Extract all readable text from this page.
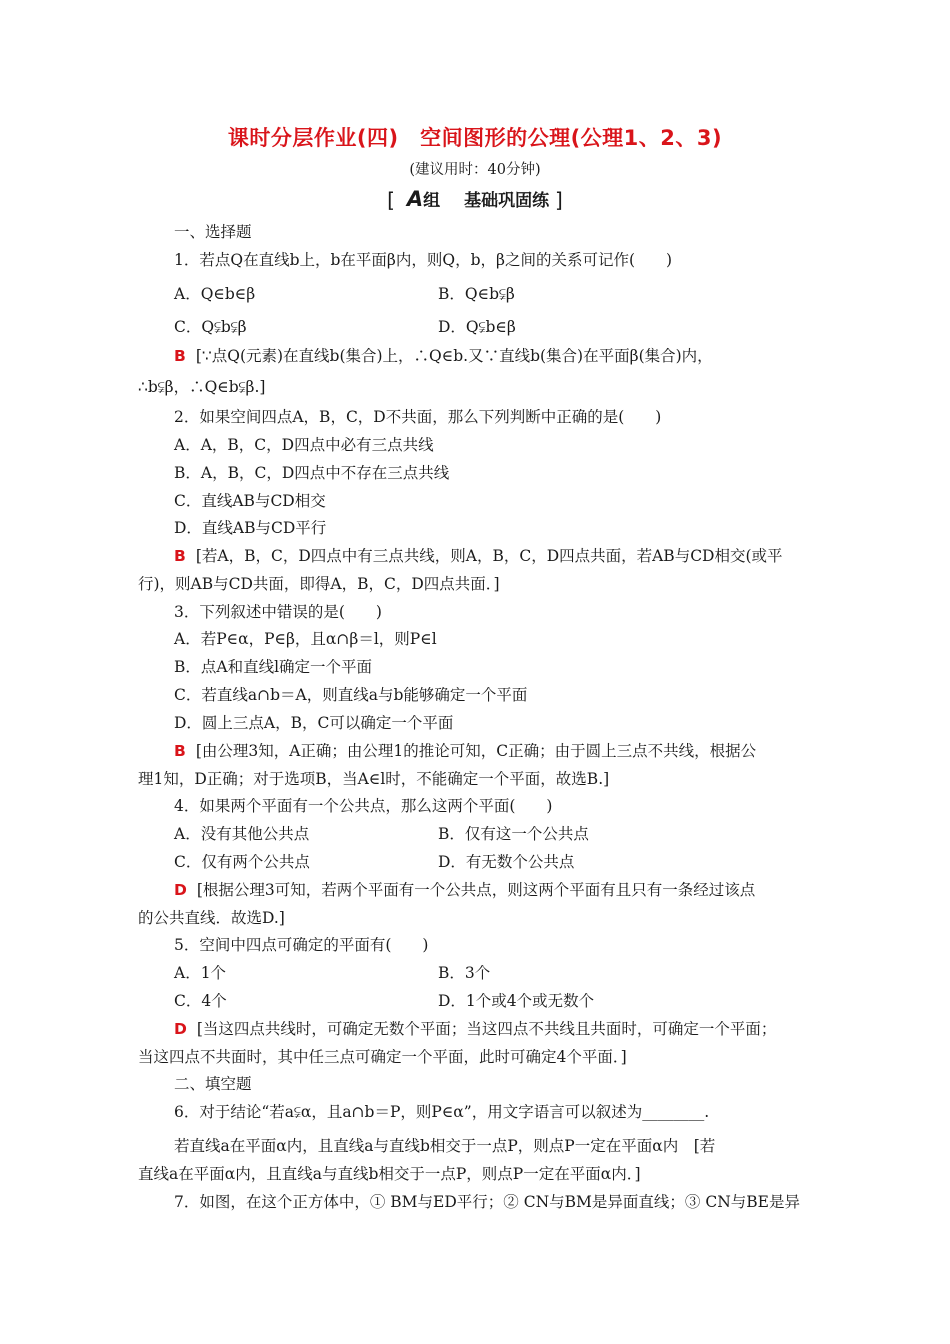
课时分层作业(四)　空间图形的公理(公理1、2、3)
(建议用时：40分钟)
[ A组 基础巩固练 ]
一、选择题
1．若点Q在直线b上，b在平面β内，则Q，b，β之间的关系可记作(　　)
A．Q∈b∈β	B．Q∈b⫋β
C．Q⫋b⫋β	D．Q⫋b∈β
B [∵点Q(元素)在直线b(集合)上，∴Q∈b.又∵直线b(集合)在平面β(集合)内，
∴b⫋β，∴Q∈b⫋β.]
2．如果空间四点A，B，C，D不共面，那么下列判断中正确的是(　　)
A．A，B，C，D四点中必有三点共线
B．A，B，C，D四点中不存在三点共线
C．直线AB与CD相交
D．直线AB与CD平行
B [若A，B，C，D四点中有三点共线，则A，B，C，D四点共面，若AB与CD相交(或平
行)，则AB与CD共面，即得A，B，C，D四点共面．]
3．下列叙述中错误的是(　　)
A．若P∈α，P∈β，且α∩β＝l，则P∈l
B．点A和直线l确定一个平面
C．若直线a∩b＝A，则直线a与b能够确定一个平面
D．圆上三点A，B，C可以确定一个平面
B [由公理3知，A正确；由公理1的推论可知，C正确；由于圆上三点不共线，根据公
理1知，D正确；对于选项B，当A∈l时，不能确定一个平面，故选B.]
4．如果两个平面有一个公共点，那么这两个平面(　　)
A．没有其他公共点	B．仅有这一个公共点
C．仅有两个公共点	D．有无数个公共点
D [根据公理3可知，若两个平面有一个公共点，则这两个平面有且只有一条经过该点
的公共直线．故选D.]
5．空间中四点可确定的平面有(　　)
A．1个	B．3个
C．4个	D．1个或4个或无数个
D [当这四点共线时，可确定无数个平面；当这四点不共线且共面时，可确定一个平面；
当这四点不共面时，其中任三点可确定一个平面，此时可确定4个平面．]
二、填空题
6．对于结论“若a⫋α，且a∩b＝P，则P∈α”，用文字语言可以叙述为________.
若直线a在平面α内，且直线a与直线b相交于一点P，则点P一定在平面α内　[若
直线a在平面α内，且直线a与直线b相交于一点P，则点P一定在平面α内．]
7．如图，在这个正方体中，① BM与ED平行；② CN与BM是异面直线；③ CN与BE是异
